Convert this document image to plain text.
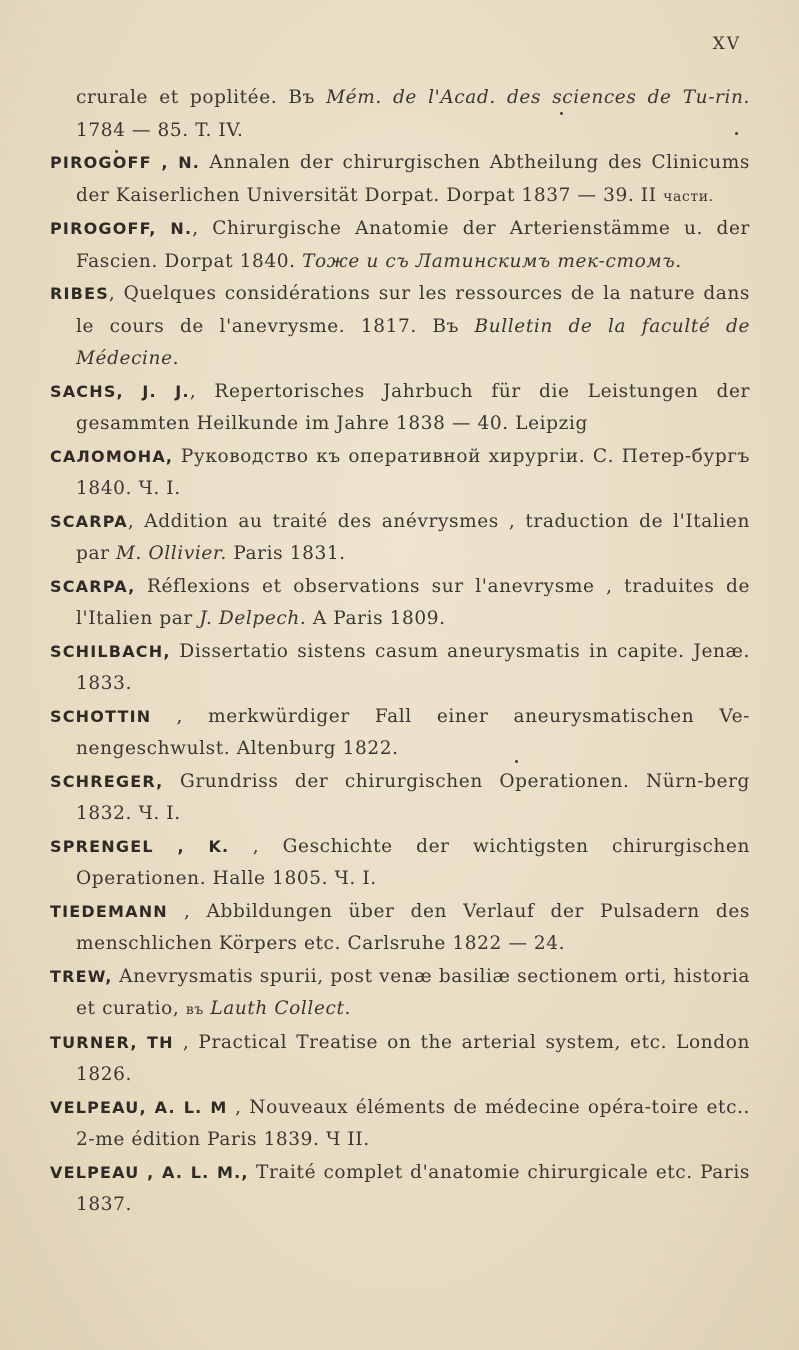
XV

crurale et poplitée. Въ Mém. de l'Acad. des sciences de Tu-rin. 1784 — 85. T. IV.

PIROGOFF , N. Annalen der chirurgischen Abtheilung des Clinicums der Kaiserlichen Universität Dorpat. Dorpat 1837 — 39. II части.

PIROGOFF, N., Chirurgische Anatomie der Arterienstämme u. der Fascien. Dorpat 1840. Тоже и съ Латинскимъ тек-стомъ.

RIBES, Quelques considérations sur les ressources de la nature dans le cours de l'anevrysme. 1817. Въ Bulletin de la faculté de Médecine.

SACHS, J. J., Repertorisches Jahrbuch für die Leistungen der gesammten Heilkunde im Jahre 1838 — 40. Leipzig

САЛОМОНА, Руководство къ оперативной хирургіи. С. Петер-бургъ 1840. Ч. I.

SCARPA, Addition au traité des anévrysmes , traduction de l'Italien par M. Ollivier. Paris 1831.

SCARPA, Réflexions et observations sur l'anevrysme , traduites de l'Italien par J. Delpech. A Paris 1809.

SCHILBACH, Dissertatio sistens casum aneurysmatis in capite. Jenæ. 1833.

SCHOTTIN , merkwürdiger Fall einer aneurysmatischen Ve-nengeschwulst. Altenburg 1822.

SCHREGER, Grundriss der chirurgischen Operationen. Nürn-berg 1832. Ч. I.

SPRENGEL , K. , Geschichte der wichtigsten chirurgischen Operationen. Halle 1805. Ч. I.

TIEDEMANN , Abbildungen über den Verlauf der Pulsadern des menschlichen Körpers etc. Carlsruhe 1822 — 24.

TREW, Anevrysmatis spurii, post venæ basiliæ sectionem orti, historia et curatio, въ Lauth Collect.

TURNER, TH , Practical Treatise on the arterial system, etc. London 1826.

VELPEAU, A. L. M , Nouveaux éléments de médecine opéra-toire etc.. 2-me édition Paris 1839. Ч II.

VELPEAU , A. L. M., Traité complet d'anatomie chirurgicale etc. Paris 1837.
